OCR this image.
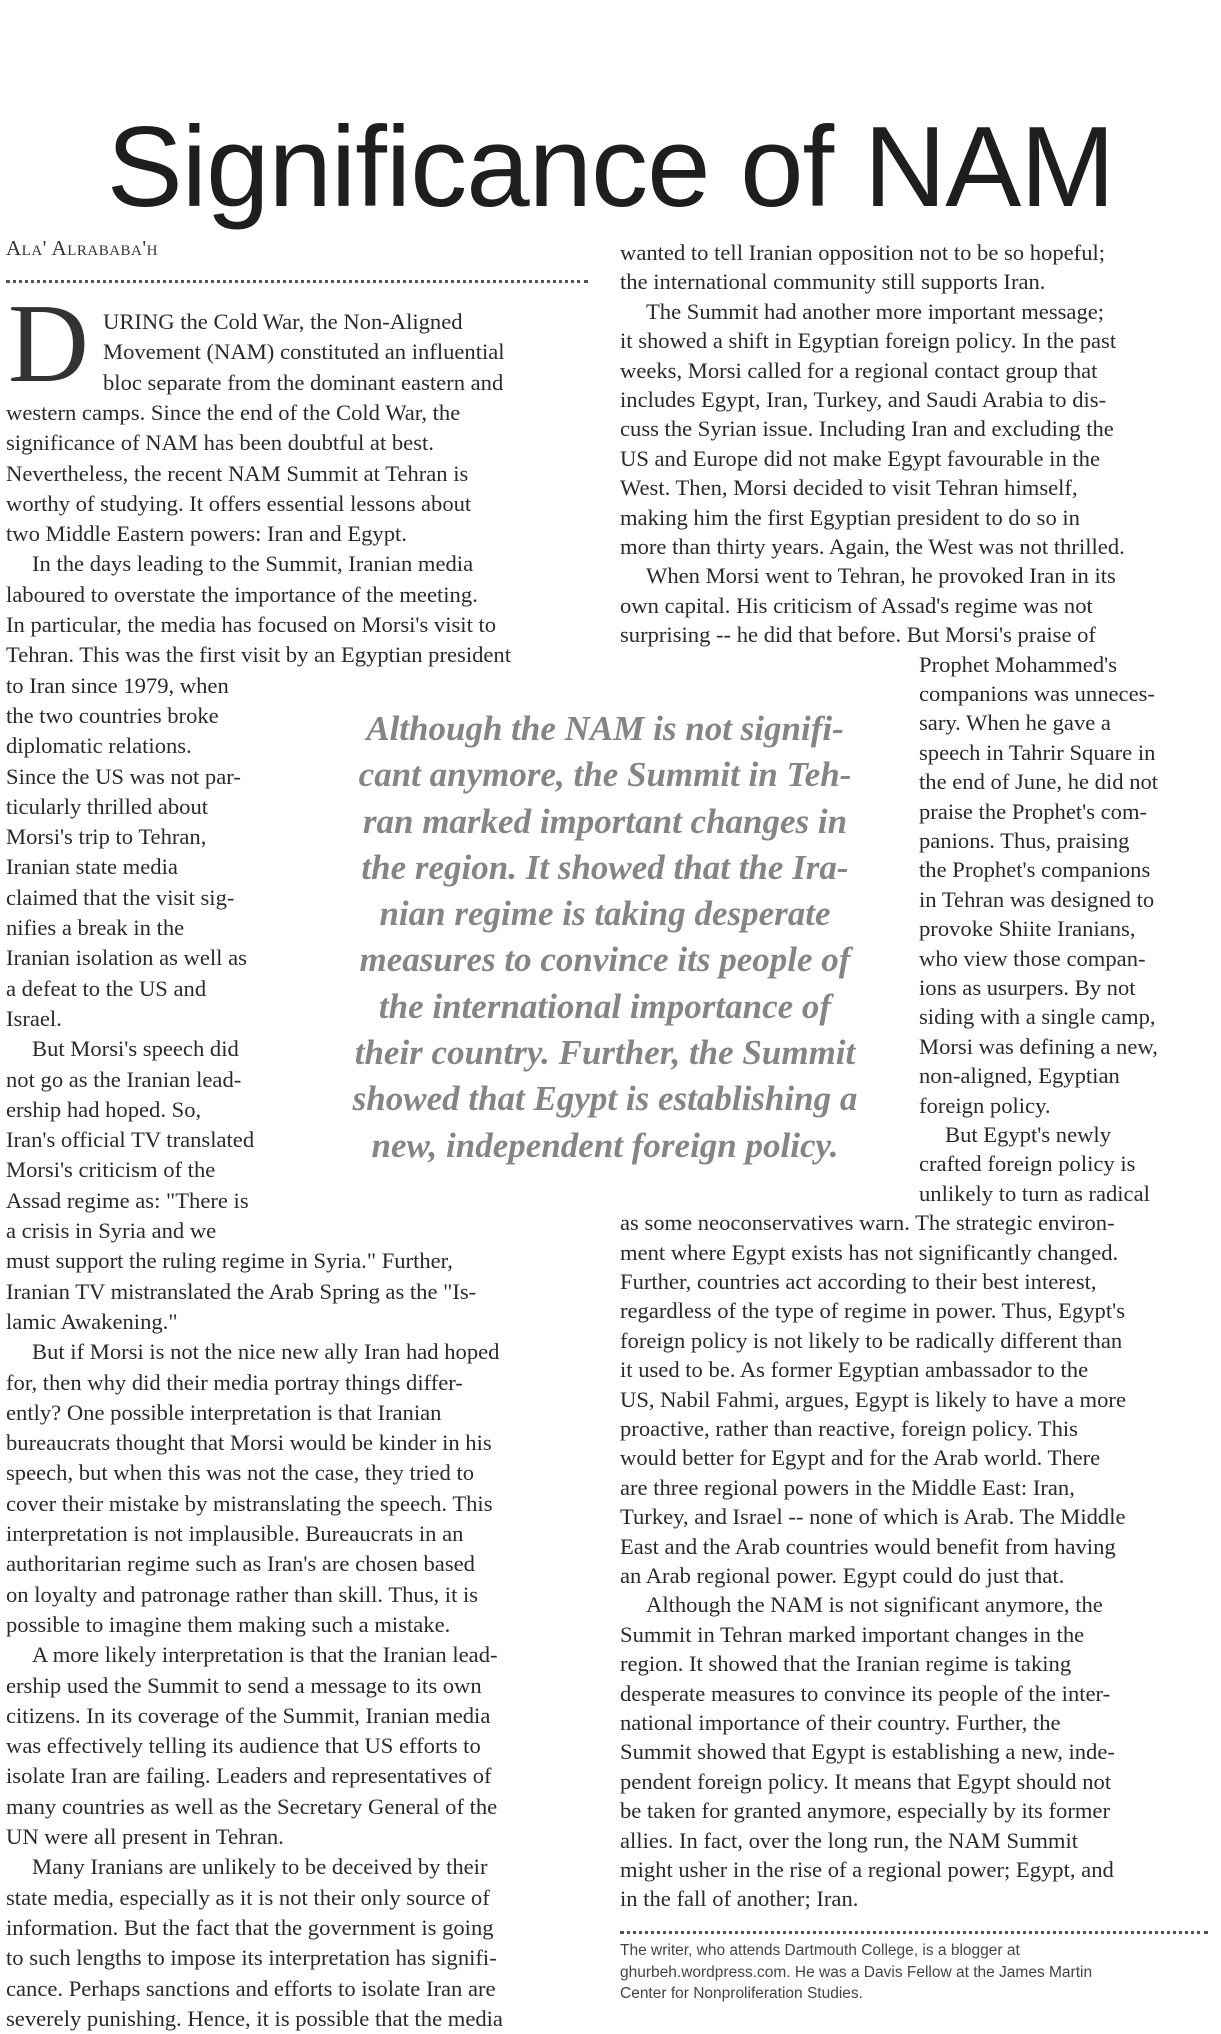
Significance of NAM
Ala' Alrababa'h
D URING the Cold War, the Non-Aligned
Movement (NAM) constituted an influential
bloc separate from the dominant eastern and
western camps. Since the end of the Cold War, the
significance of NAM has been doubtful at best.
Nevertheless, the recent NAM Summit at Tehran is
worthy of studying. It offers essential lessons about
two Middle Eastern powers: Iran and Egypt.
In the days leading to the Summit, Iranian media
laboured to overstate the importance of the meeting.
In particular, the media has focused on Morsi's visit to
Tehran. This was the first visit by an Egyptian president
to Iran since 1979, when
the two countries broke
diplomatic relations.
Since the US was not par-
ticularly thrilled about
Morsi's trip to Tehran,
Iranian state media
claimed that the visit sig-
nifies a break in the
Iranian isolation as well as
a defeat to the US and
Israel.
But Morsi's speech did
not go as the Iranian lead-
ership had hoped. So,
Iran's official TV translated
Morsi's criticism of the
Assad regime as: "There is
a crisis in Syria and we
must support the ruling regime in Syria." Further,
Iranian TV mistranslated the Arab Spring as the "Is-
lamic Awakening."
But if Morsi is not the nice new ally Iran had hoped
for, then why did their media portray things differ-
ently? One possible interpretation is that Iranian
bureaucrats thought that Morsi would be kinder in his
speech, but when this was not the case, they tried to
cover their mistake by mistranslating the speech. This
interpretation is not implausible. Bureaucrats in an
authoritarian regime such as Iran's are chosen based
on loyalty and patronage rather than skill. Thus, it is
possible to imagine them making such a mistake.
A more likely interpretation is that the Iranian lead-
ership used the Summit to send a message to its own
citizens. In its coverage of the Summit, Iranian media
was effectively telling its audience that US efforts to
isolate Iran are failing. Leaders and representatives of
many countries as well as the Secretary General of the
UN were all present in Tehran.
Many Iranians are unlikely to be deceived by their
state media, especially as it is not their only source of
information. But the fact that the government is going
to such lengths to impose its interpretation has signifi-
cance. Perhaps sanctions and efforts to isolate Iran are
severely punishing. Hence, it is possible that the media
wanted to tell Iranian opposition not to be so hopeful;
the international community still supports Iran.
The Summit had another more important message;
it showed a shift in Egyptian foreign policy. In the past
weeks, Morsi called for a regional contact group that
includes Egypt, Iran, Turkey, and Saudi Arabia to dis-
cuss the Syrian issue. Including Iran and excluding the
US and Europe did not make Egypt favourable in the
West. Then, Morsi decided to visit Tehran himself,
making him the first Egyptian president to do so in
more than thirty years. Again, the West was not thrilled.
When Morsi went to Tehran, he provoked Iran in its
own capital. His criticism of Assad's regime was not
surprising -- he did that before. But Morsi's praise of
Prophet Mohammed's
companions was unneces-
sary. When he gave a
speech in Tahrir Square in
the end of June, he did not
praise the Prophet's com-
panions. Thus, praising
the Prophet's companions
in Tehran was designed to
provoke Shiite Iranians,
who view those compan-
ions as usurpers. By not
siding with a single camp,
Morsi was defining a new,
non-aligned, Egyptian
foreign policy.
But Egypt's newly
crafted foreign policy is
unlikely to turn as radical
as some neoconservatives warn. The strategic environ-
ment where Egypt exists has not significantly changed.
Further, countries act according to their best interest,
regardless of the type of regime in power. Thus, Egypt's
foreign policy is not likely to be radically different than
it used to be. As former Egyptian ambassador to the
US, Nabil Fahmi, argues, Egypt is likely to have a more
proactive, rather than reactive, foreign policy. This
would better for Egypt and for the Arab world. There
are three regional powers in the Middle East: Iran,
Turkey, and Israel -- none of which is Arab. The Middle
East and the Arab countries would benefit from having
an Arab regional power. Egypt could do just that.
Although the NAM is not significant anymore, the
Summit in Tehran marked important changes in the
region. It showed that the Iranian regime is taking
desperate measures to convince its people of the inter-
national importance of their country. Further, the
Summit showed that Egypt is establishing a new, inde-
pendent foreign policy. It means that Egypt should not
be taken for granted anymore, especially by its former
allies. In fact, over the long run, the NAM Summit
might usher in the rise of a regional power; Egypt, and
in the fall of another; Iran.
Although the NAM is not signifi-
cant anymore, the Summit in Teh-
ran marked important changes in
the region. It showed that the Ira-
nian regime is taking desperate
measures to convince its people of
the international importance of
their country. Further, the Summit
showed that Egypt is establishing a
new, independent foreign policy.
The writer, who attends Dartmouth College, is a blogger at
ghurbeh.wordpress.com. He was a Davis Fellow at the James Martin
Center for Nonproliferation Studies.
